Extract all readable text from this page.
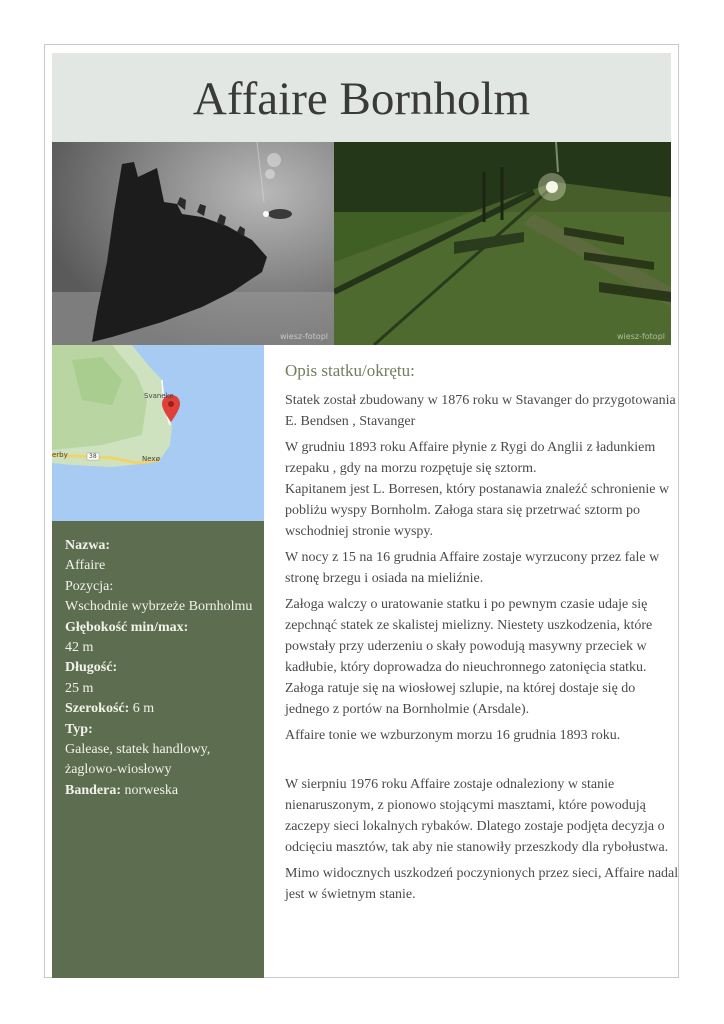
Affaire Bornholm
wiesz-fotopl	wiesz-fotopl
Svaneke
Nexø
erby	38
Nazwa:
Affaire
Pozycja:
Wschodnie wybrzeże Bornholmu
Głębokość min/max:
42 m
Długość:
25 m
Szerokość: 6 m
Typ:
Galease, statek handlowy, żaglowo-wiosłowy
Bandera: norweska
Opis statku/okrętu:

Statek został zbudowany w 1876 roku w Stavanger do przygotowania E. Bendsen , Stavanger

W grudniu 1893 roku Affaire płynie z Rygi do Anglii z ładunkiem rzepaku , gdy na morzu rozpętuje się sztorm.

Kapitanem jest L. Borresen, który postanawia znaleźć schronienie w pobliżu wyspy Bornholm. Załoga stara się przetrwać sztorm po wschodniej stronie wyspy.

W nocy z 15 na 16 grudnia Affaire zostaje wyrzucony przez fale w stronę brzegu i osiada na mieliźnie.

Załoga walczy o uratowanie statku i po pewnym czasie udaje się zepchnąć statek ze skalistej mielizny. Niestety uszkodzenia, które powstały przy uderzeniu o skały powodują masywny przeciek w kadłubie, który doprowadza do nieuchronnego zatonięcia statku. Załoga ratuje się na wiosłowej szlupie, na której dostaje się do jednego z portów na Bornholmie (Arsdale).

Affaire tonie we wzburzonym morzu 16 grudnia 1893 roku.

W sierpniu 1976 roku Affaire zostaje odnaleziony w stanie nienaruszonym, z pionowo stojącymi masztami, które powodują zaczepy sieci lokalnych rybaków. Dlatego zostaje podjęta decyzja o odcięciu masztów, tak aby nie stanowiły przeszkody dla rybołustwa.

Mimo widocznych uszkodzeń poczynionych przez sieci, Affaire nadal jest w świetnym stanie.
